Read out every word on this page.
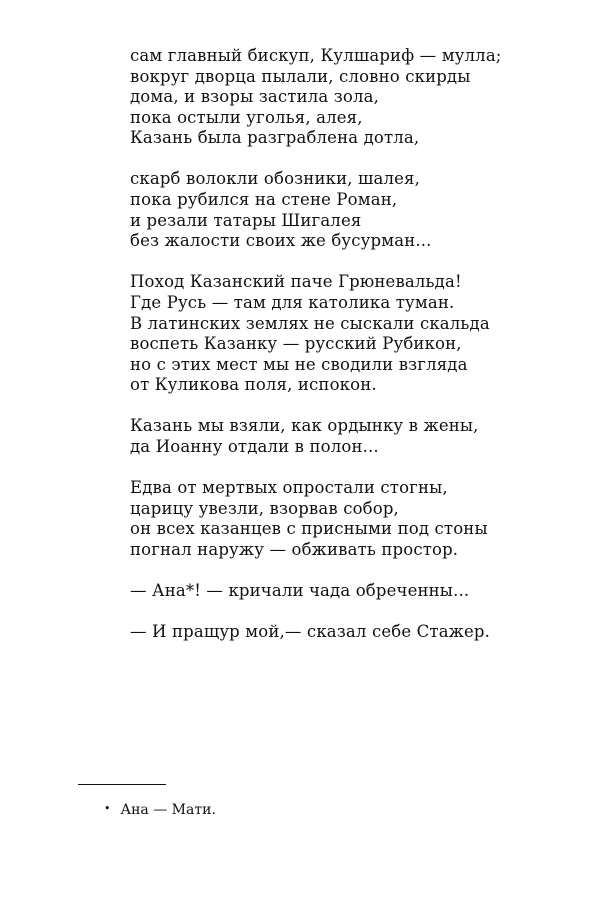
сам главный бискуп, Кулшариф — мулла;
вокруг дворца пылали, словно скирды
дома, и взоры застила зола,
пока остыли уголья, алея,
Казань была разграблена дотла,
скарб волокли обозники, шалея,
пока рубился на стене Роман,
и резали татары Шигалея
без жалости своих же бусурман...
Поход Казанский паче Грюневальда!
Где Русь — там для католика туман.
В латинских землях не сыскали скальда
воспеть Казанку — русский Рубикон,
но с этих мест мы не сводили взгляда
от Куликова поля, испокон.
Казань мы взяли, как ордынку в жены,
да Иоанну отдали в полон...
Едва от мертвых опростали стогны,
царицу увезли, взорвав собор,
он всех казанцев с присными под стоны
погнал наружу — обживать простор.
— Ана*! — кричали чада обреченны...
— И пращур мой,— сказал себе Стажер.
• Ана — Мати.
